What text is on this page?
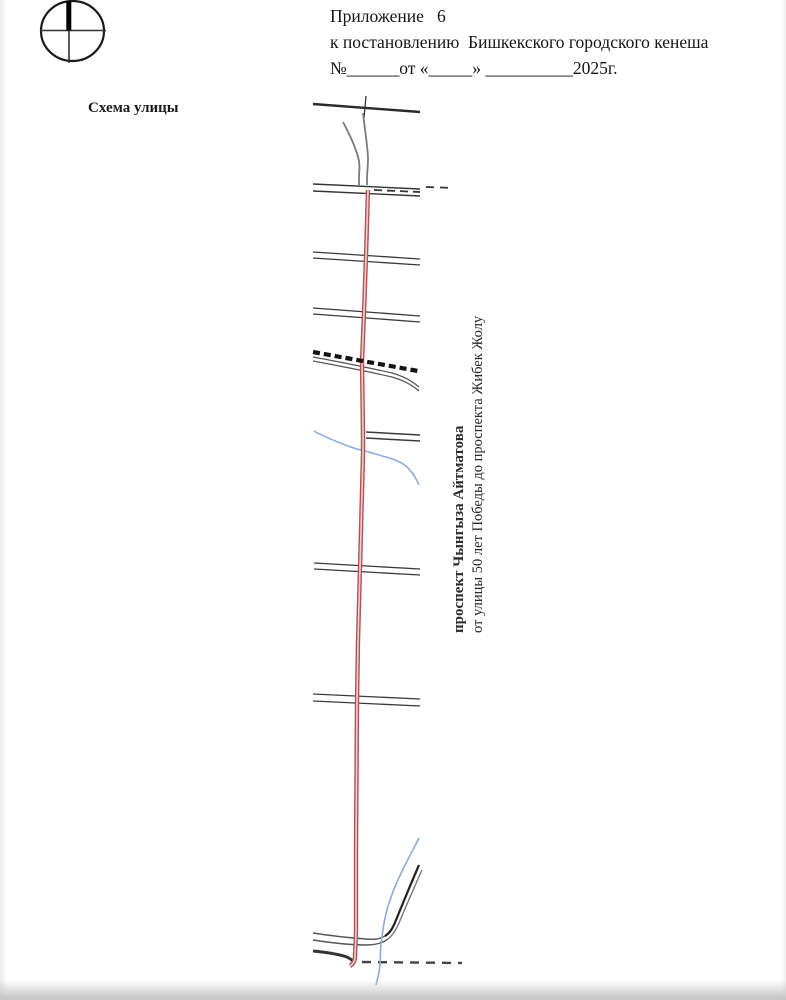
Приложение   6
к постановлению  Бишкекского городского кенеша
№______от «_____» __________2025г.
Схема улицы
проспект Чынгыза Айтматова от улицы 50 лет Победы до проспекта Жибек Жолу
